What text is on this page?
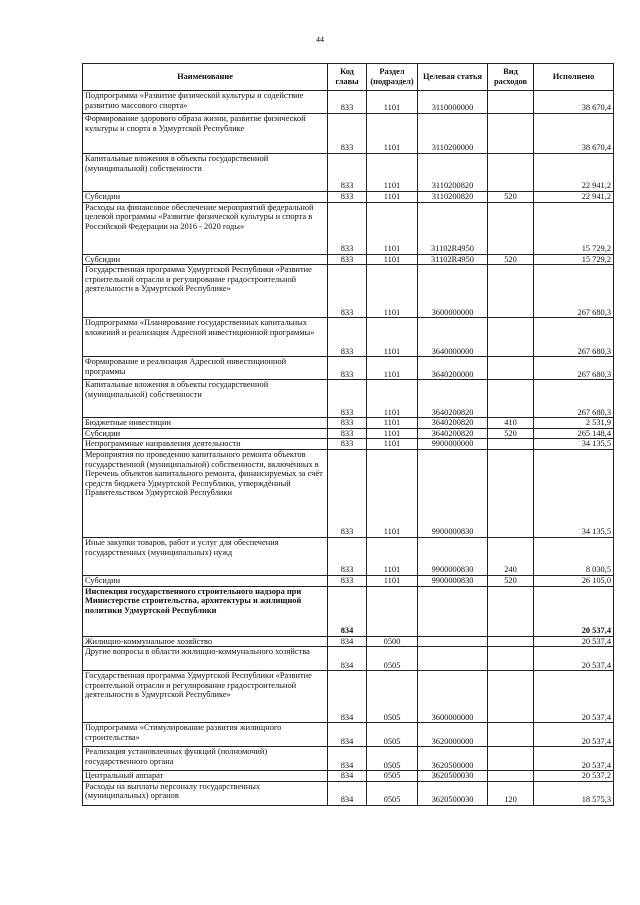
44
Наименование	Код главы	Раздел (подраздел)	Целевая статья	Вид расходов	Исполнено
Подпрограмма «Развитие физической культуры и содействие развитию массового спорта»	833	1101	3110000000		38 670,4
Формирование здорового образа жизни, развитие физической культуры и спорта в Удмуртской Республике	833	1101	3110200000		38 670,4
Капитальные вложения в объекты государственной (муниципальной) собственности	833	1101	3110200820		22 941,2
Субсидии	833	1101	3110200820	520	22 941,2
Расходы на финансовое обеспечение мероприятий федеральной целевой программы «Развитие физической культуры и спорта в Российской Федерации на 2016 - 2020 годы»	833	1101	31102R4950		15 729,2
Субсидии	833	1101	31102R4950	520	15 729,2
Государственная программа Удмуртской Республики «Развитие строительной отрасли и регулирование градостроительной деятельности в Удмуртской Республике»	833	1101	3600000000		267 680,3
Подпрограмма «Планирование государственных капитальных вложений и реализация Адресной инвестиционной программы»	833	1101	3640000000		267 680,3
Формирование и реализация Адресной инвестиционной программы	833	1101	3640200000		267 680,3
Капитальные вложения в объекты государственной (муниципальной) собственности	833	1101	3640200820		267 680,3
Бюджетные инвестиции	833	1101	3640200820	410	2 531,9
Субсидии	833	1101	3640200820	520	265 148,4
Непрограммные направления деятельности	833	1101	9900000000		34 135,5
Мероприятия по проведению капитального ремонта объектов государственной (муниципальной) собственности, включённых в Перечень объектов капитального ремонта, финансируемых за счёт средств бюджета Удмуртской Республики, утверждённый Правительством Удмуртской Республики	833	1101	9900000830		34 135,5
Иные закупки товаров, работ и услуг для обеспечения государственных (муниципальных) нужд	833	1101	9900000830	240	8 030,5
Субсидии	833	1101	9900000830	520	26 105,0
Инспекция государственного строительного надзора при Министерстве строительства, архитектуры и жилищной политики Удмуртской Республики	834				20 537,4
Жилищно-коммунальное хозяйство	834	0500			20 537,4
Другие вопросы в области жилищно-коммунального хозяйства	834	0505			20 537,4
Государственная программа Удмуртской Республики «Развитие строительной отрасли и регулирование градостроительной деятельности в Удмуртской Республике»	834	0505	3600000000		20 537,4
Подпрограмма «Стимулирование развития жилищного строительства»	834	0505	3620000000		20 537,4
Реализация установленных функций (полномочий) государственного органа	834	0505	3620500000		20 537,4
Центральный аппарат	834	0505	3620500030		20 537,2
Расходы на выплаты персоналу государственных (муниципальных) органов	834	0505	3620500030	120	18 575,3
